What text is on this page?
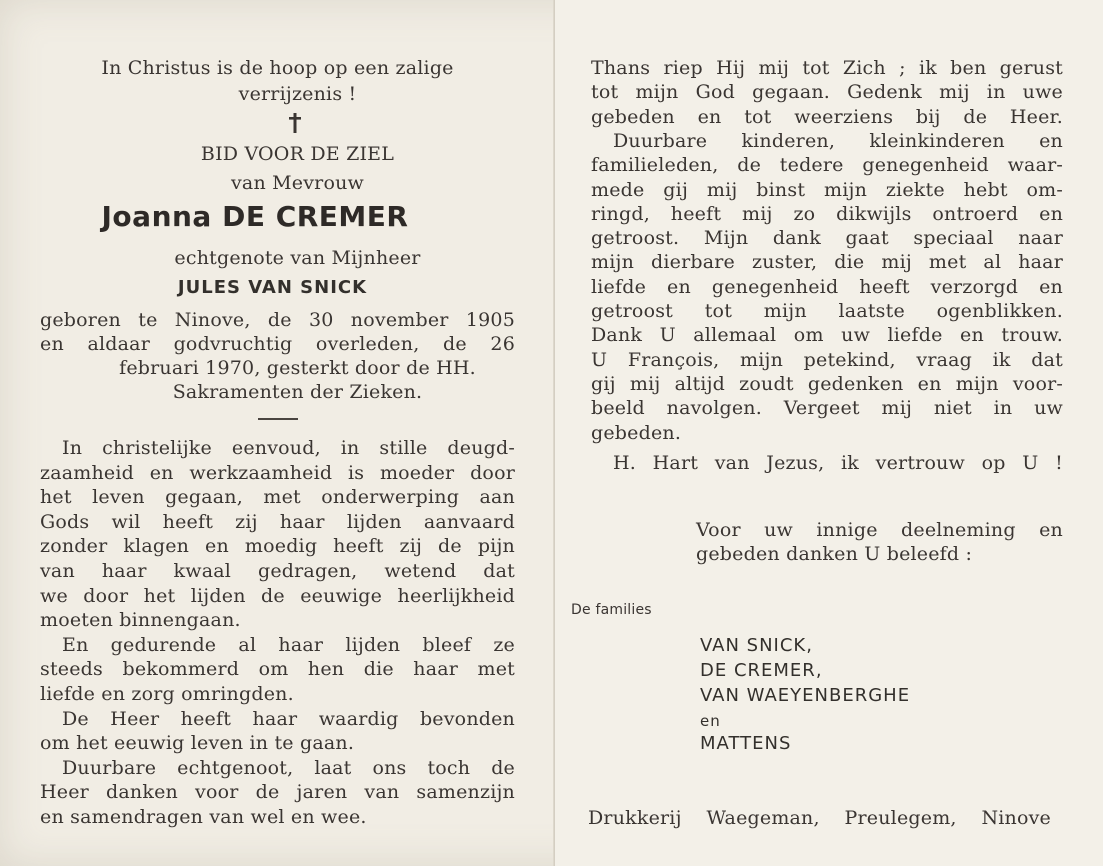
In Christus is de hoop op een zalige
verrijzenis !
BID VOOR DE ZIEL
van Mevrouw
Joanna DE CREMER
echtgenote van Mijnheer
JULES VAN SNICK
geboren te Ninove, de 30 november 1905
en aldaar godvruchtig overleden, de 26
februari 1970, gesterkt door de HH.
Sakramenten der Zieken.
In christelijke eenvoud, in stille deugd-
zaamheid en werkzaamheid is moeder door
het leven gegaan, met onderwerping aan
Gods wil heeft zij haar lijden aanvaard
zonder klagen en moedig heeft zij de pijn
van haar kwaal gedragen, wetend dat
we door het lijden de eeuwige heerlijkheid
moeten binnengaan.
En gedurende al haar lijden bleef ze
steeds bekommerd om hen die haar met
liefde en zorg omringden.
De Heer heeft haar waardig bevonden
om het eeuwig leven in te gaan.
Duurbare echtgenoot, laat ons toch de
Heer danken voor de jaren van samenzijn
en samendragen van wel en wee.
Thans riep Hij mij tot Zich ; ik ben gerust
tot mijn God gegaan. Gedenk mij in uwe
gebeden en tot weerziens bij de Heer.
Duurbare kinderen, kleinkinderen en
familieleden, de tedere genegenheid waar-
mede gij mij binst mijn ziekte hebt om-
ringd, heeft mij zo dikwijls ontroerd en
getroost. Mijn dank gaat speciaal naar
mijn dierbare zuster, die mij met al haar
liefde en genegenheid heeft verzorgd en
getroost tot mijn laatste ogenblikken.
Dank U allemaal om uw liefde en trouw.
U François, mijn petekind, vraag ik dat
gij mij altijd zoudt gedenken en mijn voor-
beeld navolgen. Vergeet mij niet in uw
gebeden.
H. Hart van Jezus, ik vertrouw op U !
Voor uw innige deelneming en
gebeden danken U beleefd :
De families
VAN SNICK,
DE CREMER,
VAN WAEYENBERGHE
en
MATTENS
Drukkerij Waegeman, Preulegem, Ninove
